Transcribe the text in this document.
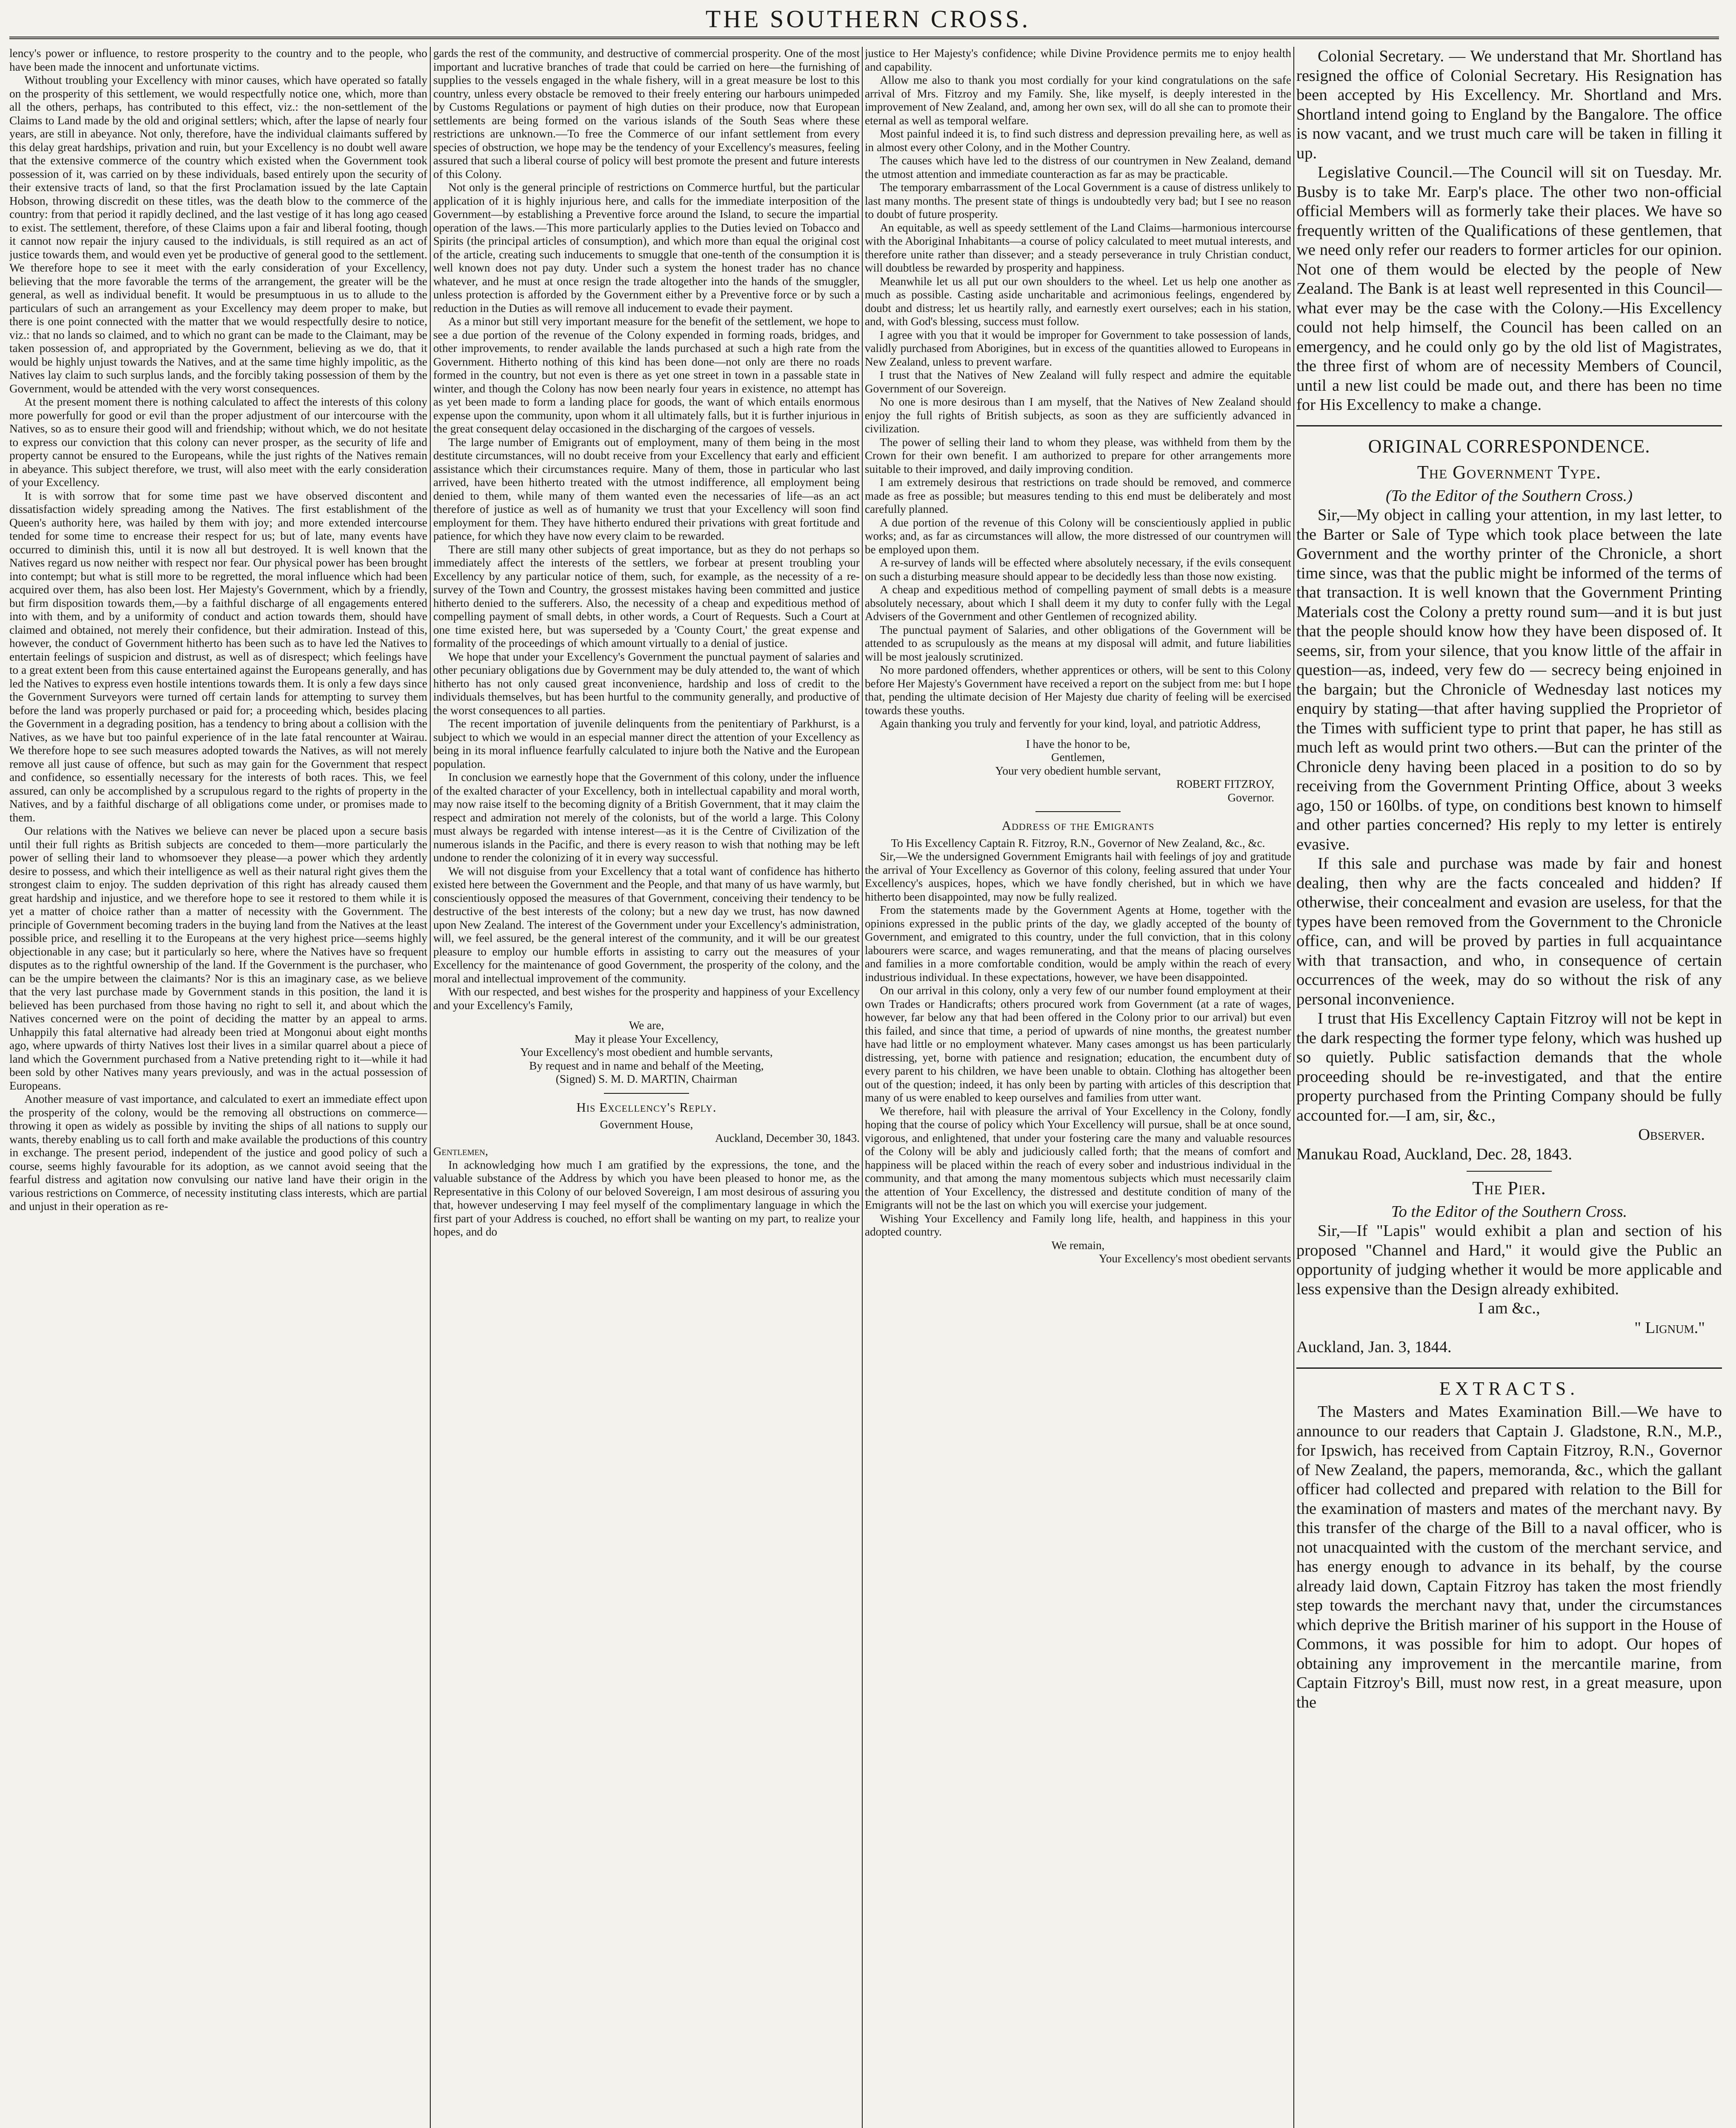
THE SOUTHERN CROSS.

lency's power or influence, to restore prosperity to the country and to the people, who have been made the innocent and unfortunate victims.

Without troubling your Excellency with minor causes, which have operated so fatally on the prosperity of this settlement, we would respectfully notice one, which, more than all the others, perhaps, has contributed to this effect, viz.: the non-settlement of the Claims to Land made by the old and original settlers; which, after the lapse of nearly four years, are still in abeyance. Not only, therefore, have the individual claimants suffered by this delay great hardships, privation and ruin, but your Excellency is no doubt well aware that the extensive commerce of the country which existed when the Government took possession of it, was carried on by these individuals, based entirely upon the security of their extensive tracts of land, so that the first Proclamation issued by the late Captain Hobson, throwing discredit on these titles, was the death blow to the commerce of the country: from that period it rapidly declined, and the last vestige of it has long ago ceased to exist. The settlement, therefore, of these Claims upon a fair and liberal footing, though it cannot now repair the injury caused to the individuals, is still required as an act of justice towards them, and would even yet be productive of general good to the settlement. We therefore hope to see it meet with the early consideration of your Excellency, believing that the more favorable the terms of the arrangement, the greater will be the general, as well as individual benefit. It would be presumptuous in us to allude to the particulars of such an arrangement as your Excellency may deem proper to make, but there is one point connected with the matter that we would respectfully desire to notice, viz.: that no lands so claimed, and to which no grant can be made to the Claimant, may be taken possession of, and appropriated by the Government, believing as we do, that it would be highly unjust towards the Natives, and at the same time highly impolitic, as the Natives lay claim to such surplus lands, and the forcibly taking possession of them by the Government, would be attended with the very worst consequences.

At the present moment there is nothing calculated to affect the interests of this colony more powerfully for good or evil than the proper adjustment of our intercourse with the Natives, so as to ensure their good will and friendship; without which, we do not hesitate to express our conviction that this colony can never prosper, as the security of life and property cannot be ensured to the Europeans, while the just rights of the Natives remain in abeyance. This subject therefore, we trust, will also meet with the early consideration of your Excellency.

It is with sorrow that for some time past we have observed discontent and dissatisfaction widely spreading among the Natives. The first establishment of the Queen's authority here, was hailed by them with joy; and more extended intercourse tended for some time to encrease their respect for us; but of late, many events have occurred to diminish this, until it is now all but destroyed. It is well known that the Natives regard us now neither with respect nor fear. Our physical power has been brought into contempt; but what is still more to be regretted, the moral influence which had been acquired over them, has also been lost. Her Majesty's Government, which by a friendly, but firm disposition towards them,—by a faithful discharge of all engagements entered into with them, and by a uniformity of conduct and action towards them, should have claimed and obtained, not merely their confidence, but their admiration. Instead of this, however, the conduct of Government hitherto has been such as to have led the Natives to entertain feelings of suspicion and distrust, as well as of disrespect; which feelings have to a great extent been from this cause entertained against the Europeans generally, and has led the Natives to express even hostile intentions towards them. It is only a few days since the Government Surveyors were turned off certain lands for attempting to survey them before the land was properly purchased or paid for; a proceeding which, besides placing the Government in a degrading position, has a tendency to bring about a collision with the Natives, as we have but too painful experience of in the late fatal rencounter at Wairau. We therefore hope to see such measures adopted towards the Natives, as will not merely remove all just cause of offence, but such as may gain for the Government that respect and confidence, so essentially necessary for the interests of both races. This, we feel assured, can only be accomplished by a scrupulous regard to the rights of property in the Natives, and by a faithful discharge of all obligations come under, or promises made to them.

Our relations with the Natives we believe can never be placed upon a secure basis until their full rights as British subjects are conceded to them—more particularly the power of selling their land to whomsoever they please—a power which they ardently desire to possess, and which their intelligence as well as their natural right gives them the strongest claim to enjoy. The sudden deprivation of this right has already caused them great hardship and injustice, and we therefore hope to see it restored to them while it is yet a matter of choice rather than a matter of necessity with the Government. The principle of Government becoming traders in the buying land from the Natives at the least possible price, and reselling it to the Europeans at the very highest price—seems highly objectionable in any case; but it particularly so here, where the Natives have so frequent disputes as to the rightful ownership of the land. If the Government is the purchaser, who can be the umpire between the claimants? Nor is this an imaginary case, as we believe that the very last purchase made by Government stands in this position, the land it is believed has been purchased from those having no right to sell it, and about which the Natives concerned were on the point of deciding the matter by an appeal to arms. Unhappily this fatal alternative had already been tried at Mongonui about eight months ago, where upwards of thirty Natives lost their lives in a similar quarrel about a piece of land which the Government purchased from a Native pretending right to it—while it had been sold by other Natives many years previously, and was in the actual possession of Europeans.

Another measure of vast importance, and calculated to exert an immediate effect upon the prosperity of the colony, would be the removing all obstructions on commerce—throwing it open as widely as possible by inviting the ships of all nations to supply our wants, thereby enabling us to call forth and make available the productions of this country in exchange. The present period, independent of the justice and good policy of such a course, seems highly favourable for its adoption, as we cannot avoid seeing that the fearful distress and agitation now convulsing our native land have their origin in the various restrictions on Commerce, of necessity instituting class interests, which are partial and unjust in their operation as re-

gards the rest of the community, and destructive of commercial prosperity. One of the most important and lucrative branches of trade that could be carried on here—the furnishing of supplies to the vessels engaged in the whale fishery, will in a great measure be lost to this country, unless every obstacle be removed to their freely entering our harbours unimpeded by Customs Regulations or payment of high duties on their produce, now that European settlements are being formed on the various islands of the South Seas where these restrictions are unknown.—To free the Commerce of our infant settlement from every species of obstruction, we hope may be the tendency of your Excellency's measures, feeling assured that such a liberal course of policy will best promote the present and future interests of this Colony.

Not only is the general principle of restrictions on Commerce hurtful, but the particular application of it is highly injurious here, and calls for the immediate interposition of the Government—by establishing a Preventive force around the Island, to secure the impartial operation of the laws.—This more particularly applies to the Duties levied on Tobacco and Spirits (the principal articles of consumption), and which more than equal the original cost of the article, creating such inducements to smuggle that one-tenth of the consumption it is well known does not pay duty. Under such a system the honest trader has no chance whatever, and he must at once resign the trade altogether into the hands of the smuggler, unless protection is afforded by the Government either by a Preventive force or by such a reduction in the Duties as will remove all inducement to evade their payment.

As a minor but still very important measure for the benefit of the settlement, we hope to see a due portion of the revenue of the Colony expended in forming roads, bridges, and other improvements, to render available the lands purchased at such a high rate from the Government. Hitherto nothing of this kind has been done—not only are there no roads formed in the country, but not even is there as yet one street in town in a passable state in winter, and though the Colony has now been nearly four years in existence, no attempt has as yet been made to form a landing place for goods, the want of which entails enormous expense upon the community, upon whom it all ultimately falls, but it is further injurious in the great consequent delay occasioned in the discharging of the cargoes of vessels.

The large number of Emigrants out of employment, many of them being in the most destitute circumstances, will no doubt receive from your Excellency that early and efficient assistance which their circumstances require. Many of them, those in particular who last arrived, have been hitherto treated with the utmost indifference, all employment being denied to them, while many of them wanted even the necessaries of life—as an act therefore of justice as well as of humanity we trust that your Excellency will soon find employment for them. They have hitherto endured their privations with great fortitude and patience, for which they have now every claim to be rewarded.

There are still many other subjects of great importance, but as they do not perhaps so immediately affect the interests of the settlers, we forbear at present troubling your Excellency by any particular notice of them, such, for example, as the necessity of a re-survey of the Town and Country, the grossest mistakes having been committed and justice hitherto denied to the sufferers. Also, the necessity of a cheap and expeditious method of compelling payment of small debts, in other words, a Court of Requests. Such a Court at one time existed here, but was superseded by a 'County Court,' the great expense and formality of the proceedings of which amount virtually to a denial of justice.

We hope that under your Excellency's Government the punctual payment of salaries and other pecuniary obligations due by Government may be duly attended to, the want of which hitherto has not only caused great inconvenience, hardship and loss of credit to the individuals themselves, but has been hurtful to the community generally, and productive of the worst consequences to all parties.

The recent importation of juvenile delinquents from the penitentiary of Parkhurst, is a subject to which we would in an especial manner direct the attention of your Excellency as being in its moral influence fearfully calculated to injure both the Native and the European population.

In conclusion we earnestly hope that the Government of this colony, under the influence of the exalted character of your Excellency, both in intellectual capability and moral worth, may now raise itself to the becoming dignity of a British Government, that it may claim the respect and admiration not merely of the colonists, but of the world a large. This Colony must always be regarded with intense interest—as it is the Centre of Civilization of the numerous islands in the Pacific, and there is every reason to wish that nothing may be left undone to render the colonizing of it in every way successful.

We will not disguise from your Excellency that a total want of confidence has hitherto existed here between the Government and the People, and that many of us have warmly, but conscientiously opposed the measures of that Government, conceiving their tendency to be destructive of the best interests of the colony; but a new day we trust, has now dawned upon New Zealand. The interest of the Government under your Excellency's administration, will, we feel assured, be the general interest of the community, and it will be our greatest pleasure to employ our humble efforts in assisting to carry out the measures of your Excellency for the maintenance of good Government, the prosperity of the colony, and the moral and intellectual improvement of the community.

With our respected, and best wishes for the prosperity and happiness of your Excellency and your Excellency's Family,

We are,

May it please Your Excellency,

Your Excellency's most obedient and humble servants,

By request and in name and behalf of the Meeting,

(Signed) S. M. D. MARTIN, Chairman

His Excellency's Reply.

Government House,

Auckland, December 30, 1843.

Gentlemen,

In acknowledging how much I am gratified by the expressions, the tone, and the valuable substance of the Address by which you have been pleased to honor me, as the Representative in this Colony of our beloved Sovereign, I am most desirous of assuring you that, however undeserving I may feel myself of the complimentary language in which the first part of your Address is couched, no effort shall be wanting on my part, to realize your hopes, and do

justice to Her Majesty's confidence; while Divine Providence permits me to enjoy health and capability.

Allow me also to thank you most cordially for your kind congratulations on the safe arrival of Mrs. Fitzroy and my Family. She, like myself, is deeply interested in the improvement of New Zealand, and, among her own sex, will do all she can to promote their eternal as well as temporal welfare.

Most painful indeed it is, to find such distress and depression prevailing here, as well as in almost every other Colony, and in the Mother Country.

The causes which have led to the distress of our countrymen in New Zealand, demand the utmost attention and immediate counteraction as far as may be practicable.

The temporary embarrassment of the Local Government is a cause of distress unlikely to last many months. The present state of things is undoubtedly very bad; but I see no reason to doubt of future prosperity.

An equitable, as well as speedy settlement of the Land Claims—harmonious intercourse with the Aboriginal Inhabitants—a course of policy calculated to meet mutual interests, and therefore unite rather than dissever; and a steady perseverance in truly Christian conduct, will doubtless be rewarded by prosperity and happiness.

Meanwhile let us all put our own shoulders to the wheel. Let us help one another as much as possible. Casting aside uncharitable and acrimonious feelings, engendered by doubt and distress; let us heartily rally, and earnestly exert ourselves; each in his station, and, with God's blessing, success must follow.

I agree with you that it would be improper for Government to take possession of lands, validly purchased from Aborigines, but in excess of the quantities allowed to Europeans in New Zealand, unless to prevent warfare.

I trust that the Natives of New Zealand will fully respect and admire the equitable Government of our Sovereign.

No one is more desirous than I am myself, that the Natives of New Zealand should enjoy the full rights of British subjects, as soon as they are sufficiently advanced in civilization.

The power of selling their land to whom they please, was withheld from them by the Crown for their own benefit. I am authorized to prepare for other arrangements more suitable to their improved, and daily improving condition.

I am extremely desirous that restrictions on trade should be removed, and commerce made as free as possible; but measures tending to this end must be deliberately and most carefully planned.

A due portion of the revenue of this Colony will be conscientiously applied in public works; and, as far as circumstances will allow, the more distressed of our countrymen will be employed upon them.

A re-survey of lands will be effected where absolutely necessary, if the evils consequent on such a disturbing measure should appear to be decidedly less than those now existing.

A cheap and expeditious method of compelling payment of small debts is a measure absolutely necessary, about which I shall deem it my duty to confer fully with the Legal Advisers of the Government and other Gentlemen of recognized ability.

The punctual payment of Salaries, and other obligations of the Government will be attended to as scrupulously as the means at my disposal will admit, and future liabilities will be most jealously scrutinized.

No more pardoned offenders, whether apprentices or others, will be sent to this Colony before Her Majesty's Government have received a report on the subject from me: but I hope that, pending the ultimate decision of Her Majesty due charity of feeling will be exercised towards these youths.

Again thanking you truly and fervently for your kind, loyal, and patriotic Address,

I have the honor to be,

Gentlemen,

Your very obedient humble servant,

ROBERT FITZROY,

Governor.

Address of the Emigrants

To His Excellency Captain R. Fitzroy, R.N., Governor of New Zealand, &c., &c.

Sir,—We the undersigned Government Emigrants hail with feelings of joy and gratitude the arrival of Your Excellency as Governor of this colony, feeling assured that under Your Excellency's auspices, hopes, which we have fondly cherished, but in which we have hitherto been disappointed, may now be fully realized.

From the statements made by the Government Agents at Home, together with the opinions expressed in the public prints of the day, we gladly accepted of the bounty of Government, and emigrated to this country, under the full conviction, that in this colony labourers were scarce, and wages remunerating, and that the means of placing ourselves and families in a more comfortable condition, would be amply within the reach of every industrious individual. In these expectations, however, we have been disappointed.

On our arrival in this colony, only a very few of our number found employment at their own Trades or Handicrafts; others procured work from Government (at a rate of wages, however, far below any that had been offered in the Colony prior to our arrival) but even this failed, and since that time, a period of upwards of nine months, the greatest number have had little or no employment whatever. Many cases amongst us has been particularly distressing, yet, borne with patience and resignation; education, the encumbent duty of every parent to his children, we have been unable to obtain. Clothing has altogether been out of the question; indeed, it has only been by parting with articles of this description that many of us were enabled to keep ourselves and families from utter want.

We therefore, hail with pleasure the arrival of Your Excellency in the Colony, fondly hoping that the course of policy which Your Excellency will pursue, shall be at once sound, vigorous, and enlightened, that under your fostering care the many and valuable resources of the Colony will be ably and judiciously called forth; that the means of comfort and happiness will be placed within the reach of every sober and industrious individual in the community, and that among the many momentous subjects which must necessarily claim the attention of Your Excellency, the distressed and destitute condition of many of the Emigrants will not be the last on which you will exercise your judgement.

Wishing Your Excellency and Family long life, health, and happiness in this your adopted country.

We remain,

Your Excellency's most obedient servants

Colonial Secretary. — We understand that Mr. Shortland has resigned the office of Colonial Secretary. His Resignation has been accepted by His Excellency. Mr. Shortland and Mrs. Shortland intend going to England by the Bangalore. The office is now vacant, and we trust much care will be taken in filling it up.

Legislative Council.—The Council will sit on Tuesday. Mr. Busby is to take Mr. Earp's place. The other two non-official official Members will as formerly take their places. We have so frequently written of the Qualifications of these gentlemen, that we need only refer our readers to former articles for our opinion. Not one of them would be elected by the people of New Zealand. The Bank is at least well represented in this Council—what ever may be the case with the Colony.—His Excellency could not help himself, the Council has been called on an emergency, and he could only go by the old list of Magistrates, the three first of whom are of necessity Members of Council, until a new list could be made out, and there has been no time for His Excellency to make a change.

ORIGINAL CORRESPONDENCE.
The Government Type.

(To the Editor of the Southern Cross.)

Sir,—My object in calling your attention, in my last letter, to the Barter or Sale of Type which took place between the late Government and the worthy printer of the Chronicle, a short time since, was that the public might be informed of the terms of that transaction. It is well known that the Government Printing Materials cost the Colony a pretty round sum—and it is but just that the people should know how they have been disposed of. It seems, sir, from your silence, that you know little of the affair in question—as, indeed, very few do — secrecy being enjoined in the bargain; but the Chronicle of Wednesday last notices my enquiry by stating—that after having supplied the Proprietor of the Times with sufficient type to print that paper, he has still as much left as would print two others.—But can the printer of the Chronicle deny having been placed in a position to do so by receiving from the Government Printing Office, about 3 weeks ago, 150 or 160lbs. of type, on conditions best known to himself and other parties concerned? His reply to my letter is entirely evasive.

If this sale and purchase was made by fair and honest dealing, then why are the facts concealed and hidden? If otherwise, their concealment and evasion are useless, for that the types have been removed from the Government to the Chronicle office, can, and will be proved by parties in full acquaintance with that transaction, and who, in consequence of certain occurrences of the week, may do so without the risk of any personal inconvenience.

I trust that His Excellency Captain Fitzroy will not be kept in the dark respecting the former type felony, which was hushed up so quietly. Public satisfaction demands that the whole proceeding should be re-investigated, and that the entire property purchased from the Printing Company should be fully accounted for.—I am, sir, &c.,

Observer.

Manukau Road, Auckland, Dec. 28, 1843.

The Pier.

To the Editor of the Southern Cross.

Sir,—If "Lapis" would exhibit a plan and section of his proposed "Channel and Hard," it would give the Public an opportunity of judging whether it would be more applicable and less expensive than the Design already exhibited.

I am &c.,

" Lignum."

Auckland, Jan. 3, 1844.

EXTRACTS.

The Masters and Mates Examination Bill.—We have to announce to our readers that Captain J. Gladstone, R.N., M.P., for Ipswich, has received from Captain Fitzroy, R.N., Governor of New Zealand, the papers, memoranda, &c., which the gallant officer had collected and prepared with relation to the Bill for the examination of masters and mates of the merchant navy. By this transfer of the charge of the Bill to a naval officer, who is not unacquainted with the custom of the merchant service, and has energy enough to advance in its behalf, by the course already laid down, Captain Fitzroy has taken the most friendly step towards the merchant navy that, under the circumstances which deprive the British mariner of his support in the House of Commons, it was possible for him to adopt. Our hopes of obtaining any improvement in the mercantile marine, from Captain Fitzroy's Bill, must now rest, in a great measure, upon the
